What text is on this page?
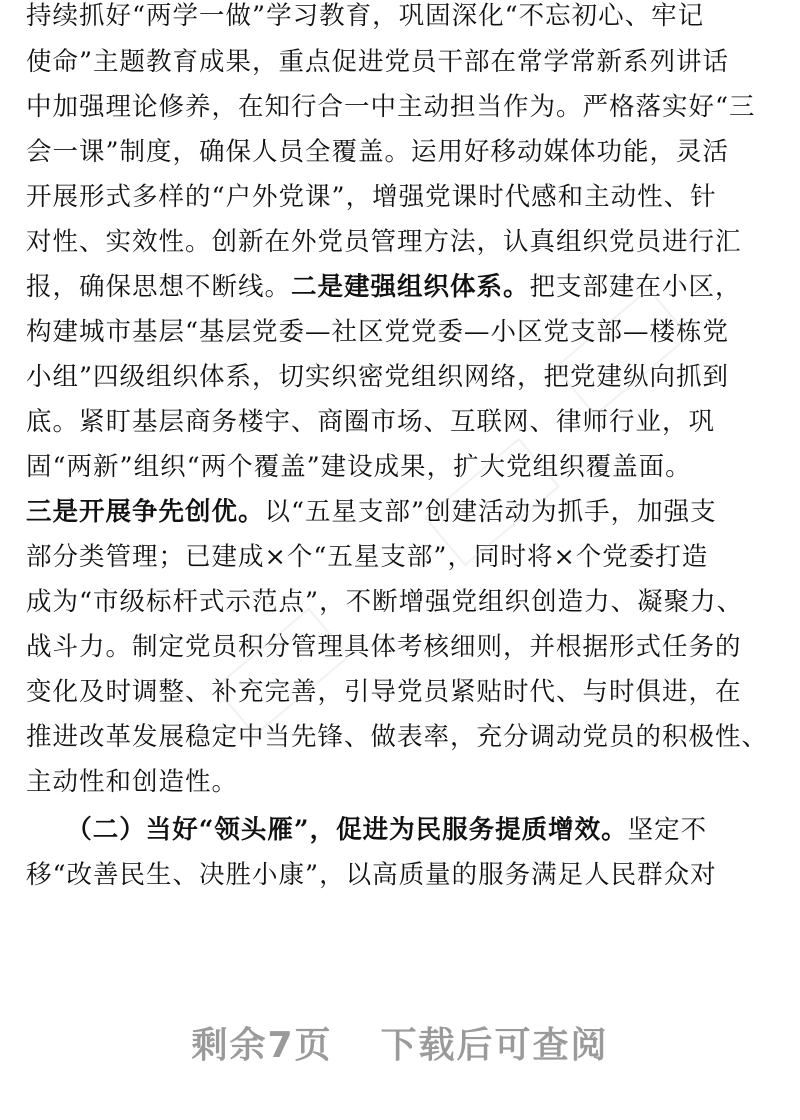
持续抓好“两学一做”学习教育，巩固深化“不忘初心、牢记
使命”主题教育成果，重点促进党员干部在常学常新系列讲话
中加强理论修养，在知行合一中主动担当作为。严格落实好“三
会一课”制度，确保人员全覆盖。运用好移动媒体功能，灵活
开展形式多样的“户外党课”，增强党课时代感和主动性、针
对性、实效性。创新在外党员管理方法，认真组织党员进行汇
报，确保思想不断线。二是建强组织体系。把支部建在小区，
构建城市基层“基层党委—社区党党委—小区党支部—楼栋党
小组”四级组织体系，切实织密党组织网络，把党建纵向抓到
底。紧盯基层商务楼宇、商圈市场、互联网、律师行业，巩
固“两新”组织“两个覆盖”建设成果，扩大党组织覆盖面。
三是开展争先创优。以“五星支部”创建活动为抓手，加强支
部分类管理；已建成×个“五星支部”，同时将×个党委打造
成为“市级标杆式示范点”，不断增强党组织创造力、凝聚力、
战斗力。制定党员积分管理具体考核细则，并根据形式任务的
变化及时调整、补充完善，引导党员紧贴时代、与时俱进，在
推进改革发展稳定中当先锋、做表率，充分调动党员的积极性、
主动性和创造性。
　　（二）当好“领头雁”，促进为民服务提质增效。坚定不
移“改善民生、决胜小康”，以高质量的服务满足人民群众对
剩余7页 下载后可查阅
